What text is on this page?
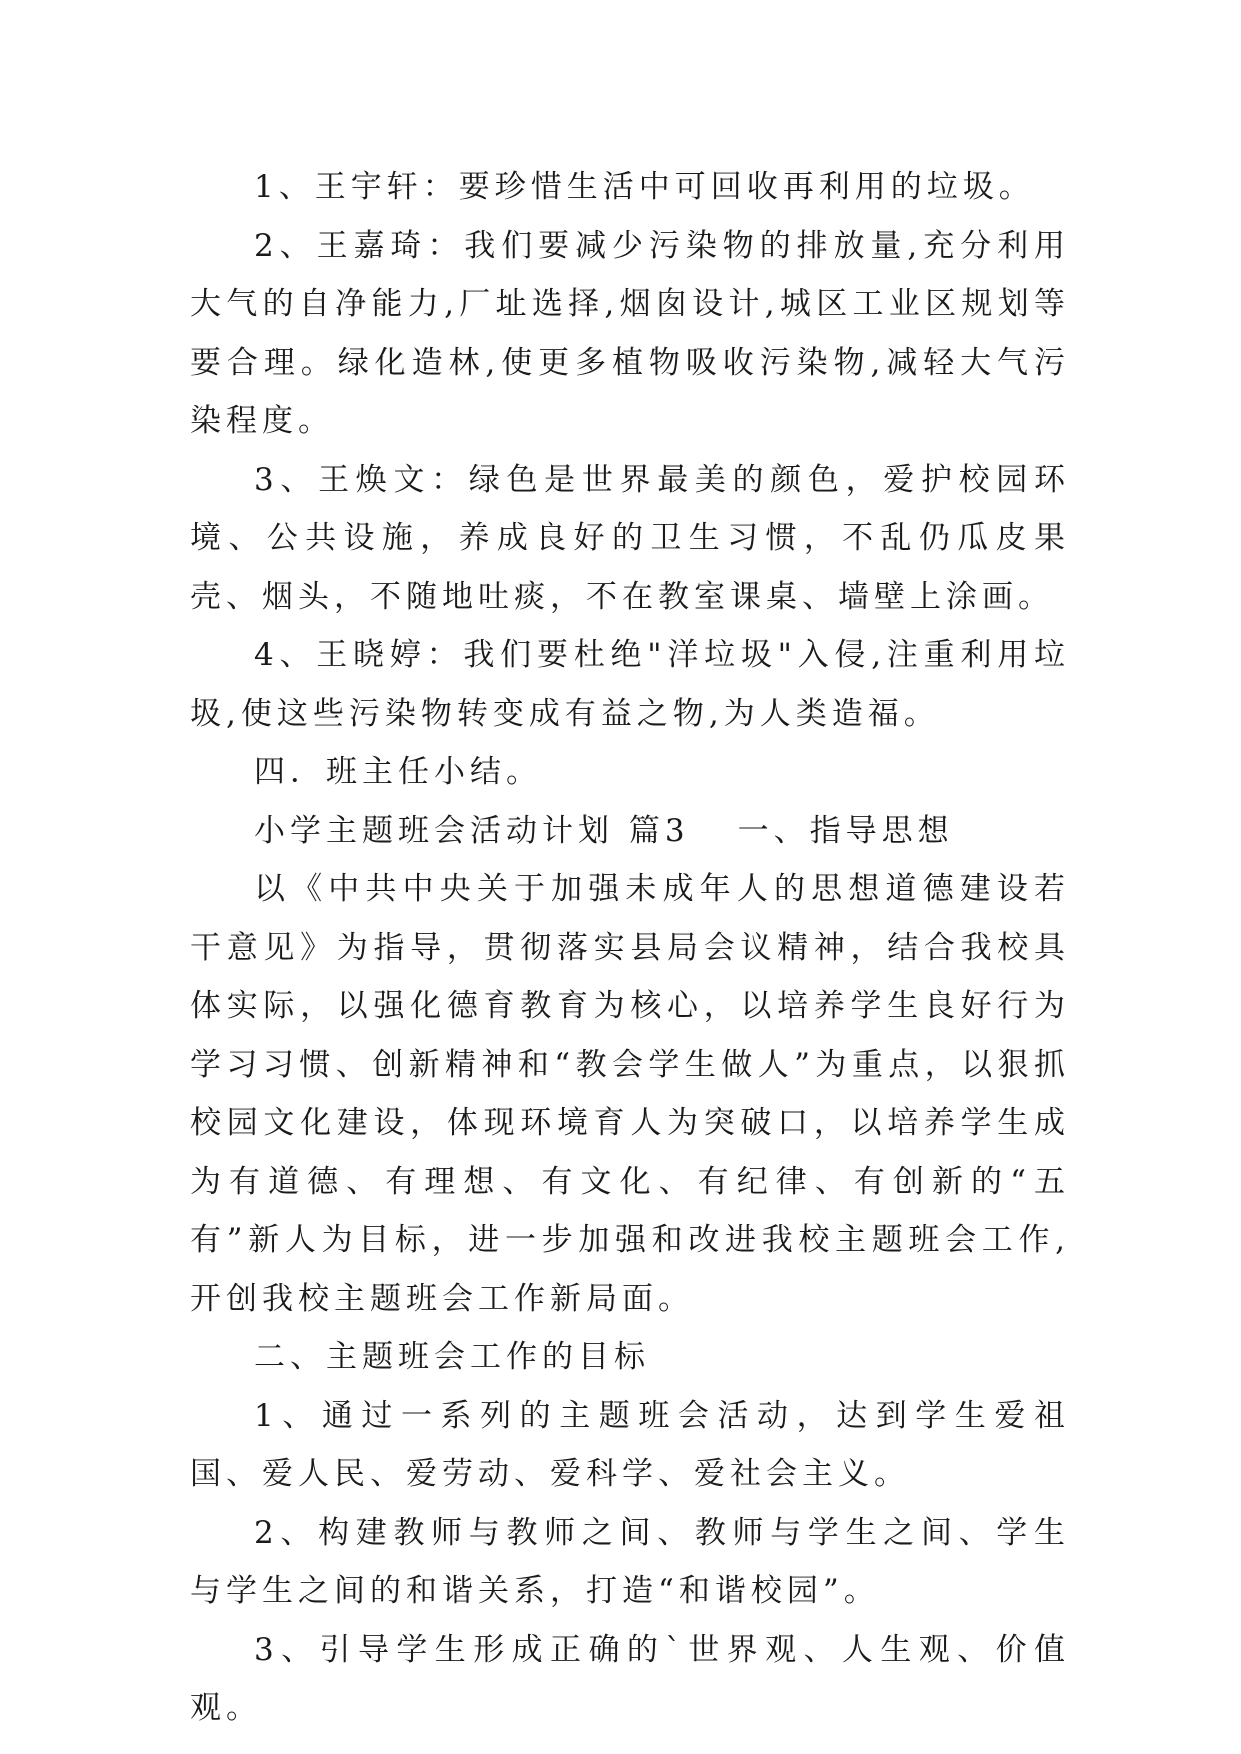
1、王宇轩：要珍惜生活中可回收再利用的垃圾。

2、王嘉琦：我们要减少污染物的排放量,充分利用大气的自净能力,厂址选择,烟囱设计,城区工业区规划等要合理。绿化造林,使更多植物吸收污染物,减轻大气污染程度。

3、王焕文：绿色是世界最美的颜色，爱护校园环境、公共设施，养成良好的卫生习惯，不乱仍瓜皮果壳、烟头，不随地吐痰，不在教室课桌、墙壁上涂画。

4、王晓婷：我们要杜绝"洋垃圾"入侵,注重利用垃圾,使这些污染物转变成有益之物,为人类造福。

四．班主任小结。

小学主题班会活动计划 篇3 一、指导思想

以《中共中央关于加强未成年人的思想道德建设若干意见》为指导，贯彻落实县局会议精神，结合我校具体实际，以强化德育教育为核心，以培养学生良好行为学习习惯、创新精神和“教会学生做人”为重点，以狠抓校园文化建设，体现环境育人为突破口，以培养学生成为有道德、有理想、有文化、有纪律、有创新的“五有”新人为目标，进一步加强和改进我校主题班会工作,开创我校主题班会工作新局面。

二、主题班会工作的目标

1、通过一系列的主题班会活动，达到学生爱祖国、爱人民、爱劳动、爱科学、爱社会主义。

2、构建教师与教师之间、教师与学生之间、学生与学生之间的和谐关系，打造“和谐校园”。

3、引导学生形成正确的`世界观、人生观、价值观。
